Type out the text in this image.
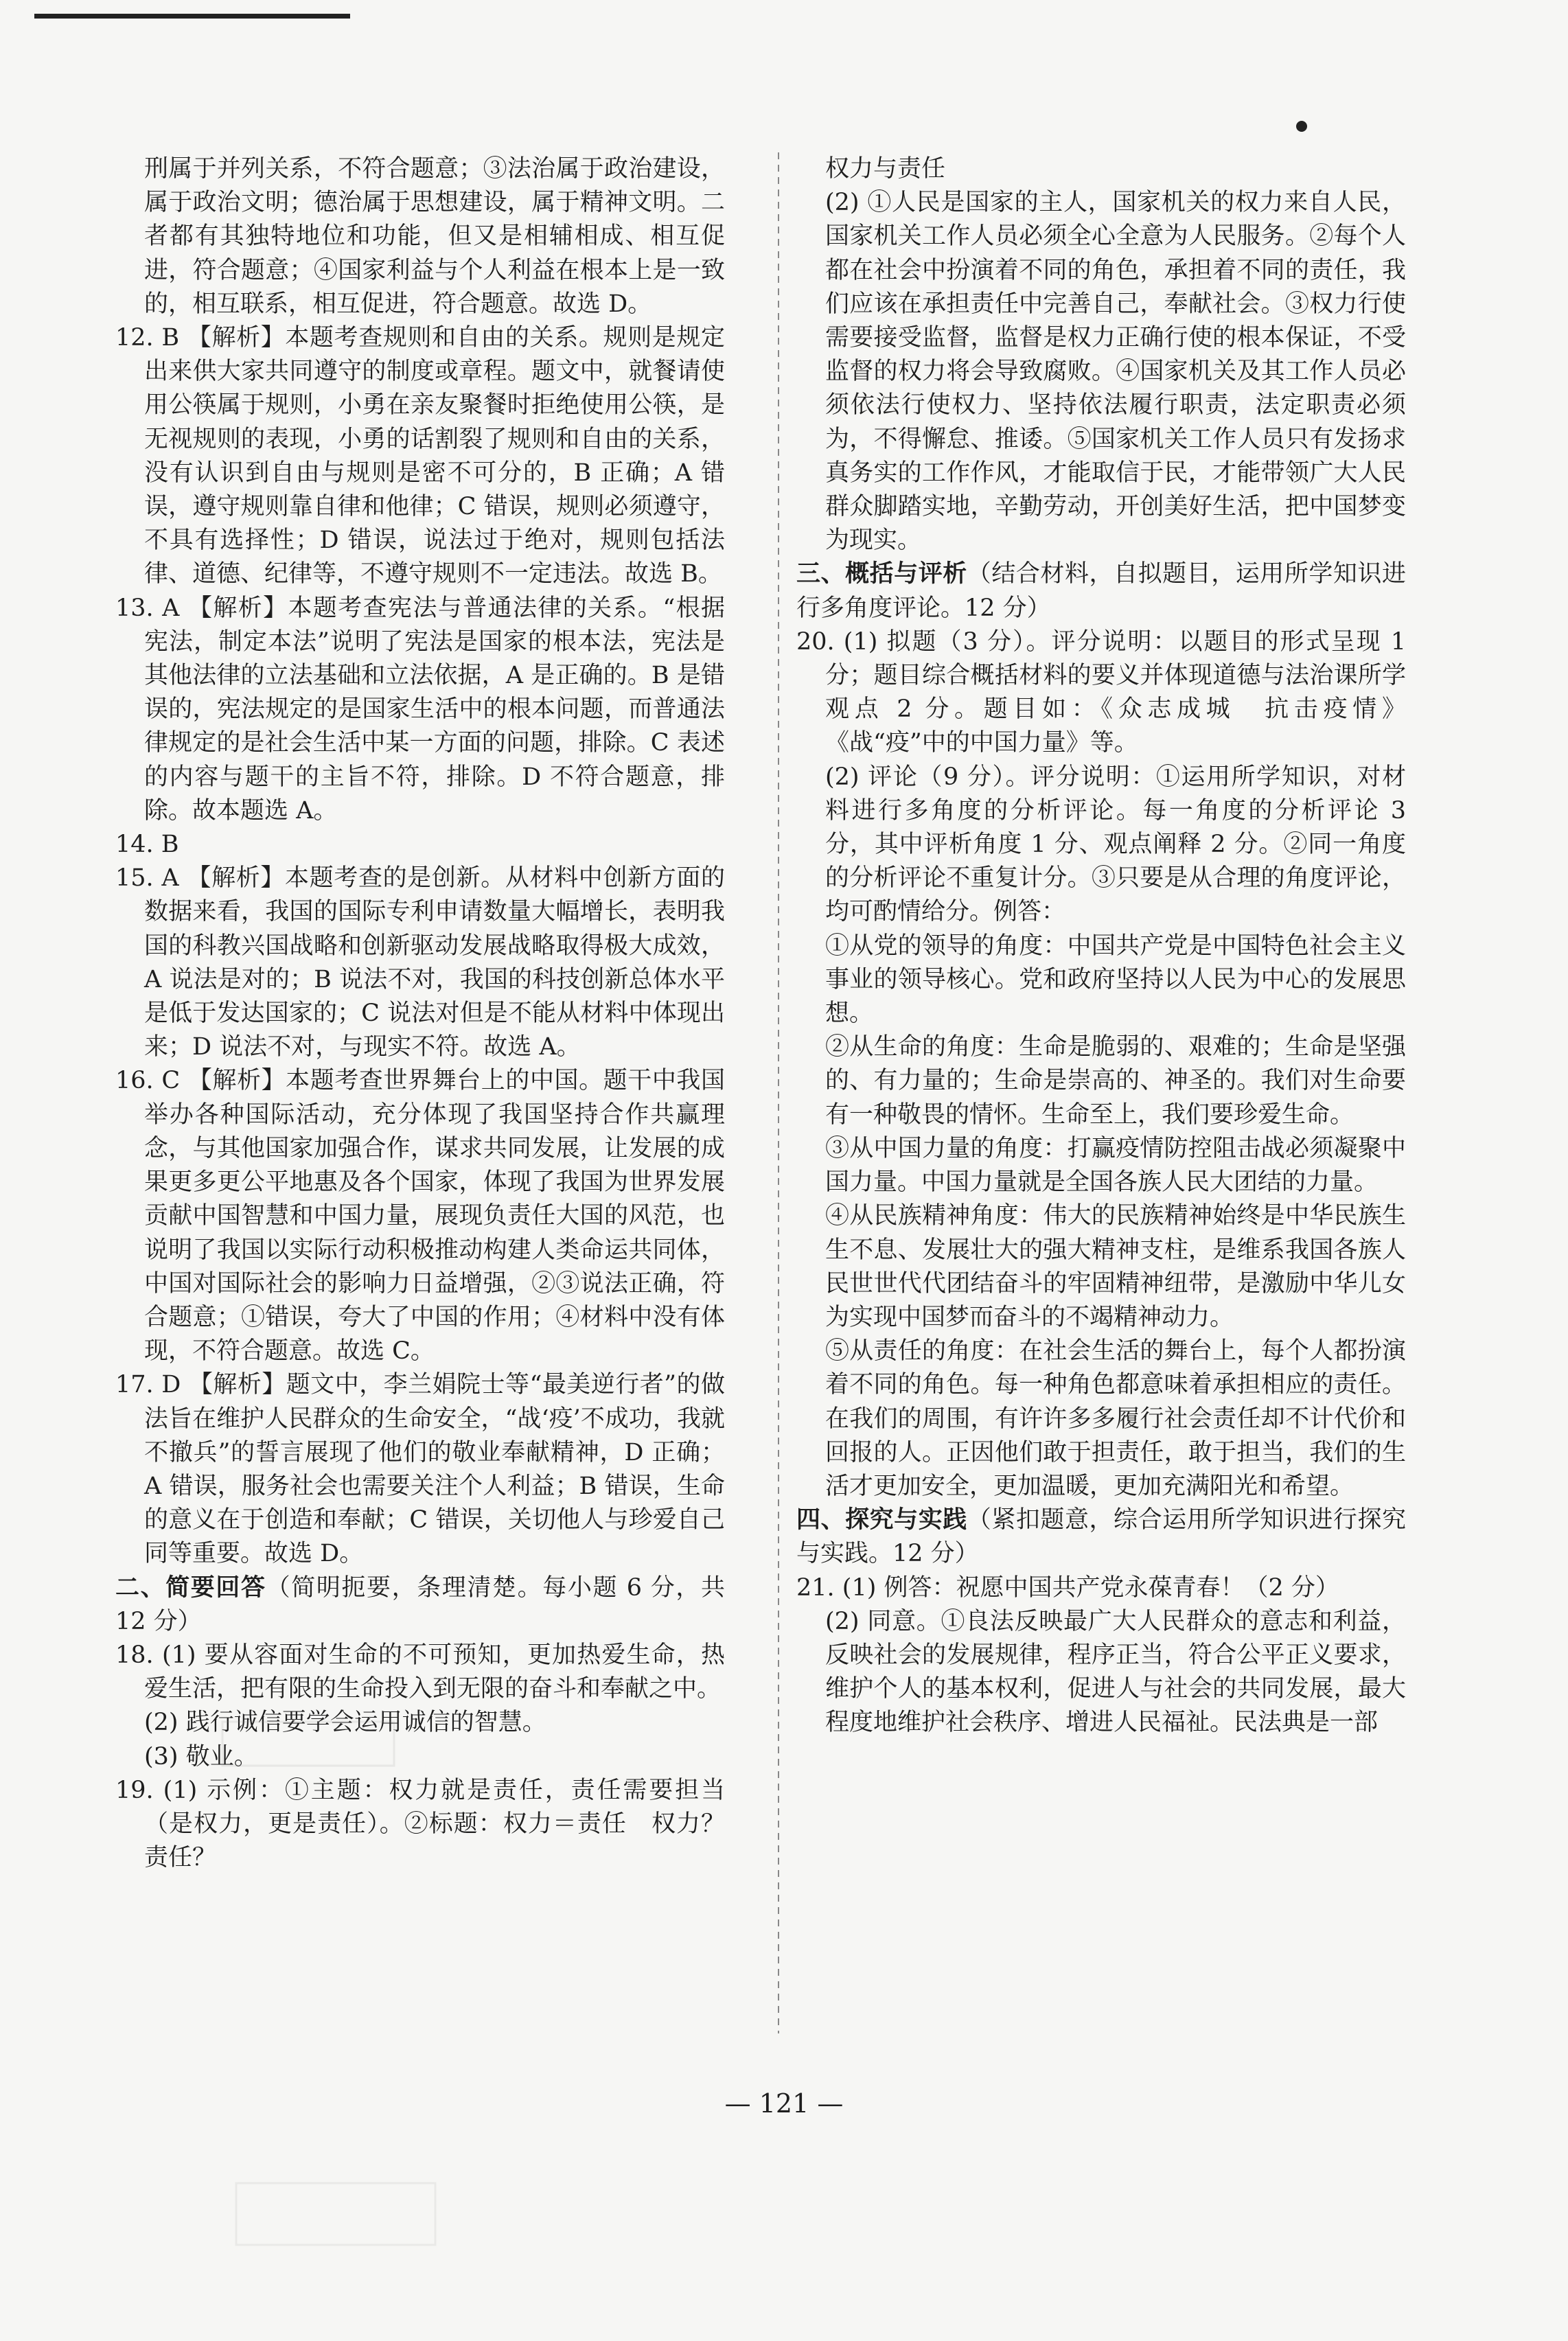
刑属于并列关系，不符合题意；③法治属于政治建设，属于政治文明；德治属于思想建设，属于精神文明。二者都有其独特地位和功能，但又是相辅相成、相互促进，符合题意；④国家利益与个人利益在根本上是一致的，相互联系，相互促进，符合题意。故选 D。

12. B 【解析】本题考查规则和自由的关系。规则是规定出来供大家共同遵守的制度或章程。题文中，就餐请使用公筷属于规则，小勇在亲友聚餐时拒绝使用公筷，是无视规则的表现，小勇的话割裂了规则和自由的关系，没有认识到自由与规则是密不可分的，B 正确；A 错误，遵守规则靠自律和他律；C 错误，规则必须遵守，不具有选择性；D 错误，说法过于绝对，规则包括法律、道德、纪律等，不遵守规则不一定违法。故选 B。

13. A 【解析】本题考查宪法与普通法律的关系。“根据宪法，制定本法”说明了宪法是国家的根本法，宪法是其他法律的立法基础和立法依据，A 是正确的。B 是错误的，宪法规定的是国家生活中的根本问题，而普通法律规定的是社会生活中某一方面的问题，排除。C 表述的内容与题干的主旨不符，排除。D 不符合题意，排除。故本题选 A。

14. B

15. A 【解析】本题考查的是创新。从材料中创新方面的数据来看，我国的国际专利申请数量大幅增长，表明我国的科教兴国战略和创新驱动发展战略取得极大成效，A 说法是对的；B 说法不对，我国的科技创新总体水平是低于发达国家的；C 说法对但是不能从材料中体现出来；D 说法不对，与现实不符。故选 A。

16. C 【解析】本题考查世界舞台上的中国。题干中我国举办各种国际活动，充分体现了我国坚持合作共赢理念，与其他国家加强合作，谋求共同发展，让发展的成果更多更公平地惠及各个国家，体现了我国为世界发展贡献中国智慧和中国力量，展现负责任大国的风范，也说明了我国以实际行动积极推动构建人类命运共同体，中国对国际社会的影响力日益增强，②③说法正确，符合题意；①错误，夸大了中国的作用；④材料中没有体现，不符合题意。故选 C。

17. D 【解析】题文中，李兰娟院士等“最美逆行者”的做法旨在维护人民群众的生命安全，“战‘疫’不成功，我就不撤兵”的誓言展现了他们的敬业奉献精神，D 正确；A 错误，服务社会也需要关注个人利益；B 错误，生命的意义在于创造和奉献；C 错误，关切他人与珍爱自己同等重要。故选 D。

二、简要回答（简明扼要，条理清楚。每小题 6 分，共 12 分）

18. (1) 要从容面对生命的不可预知，更加热爱生命，热爱生活，把有限的生命投入到无限的奋斗和奉献之中。

(2) 践行诚信要学会运用诚信的智慧。

(3) 敬业。

19. (1) 示例：①主题：权力就是责任，责任需要担当（是权力，更是责任）。②标题：权力＝责任　权力？责任？

权力与责任

(2) ①人民是国家的主人，国家机关的权力来自人民，国家机关工作人员必须全心全意为人民服务。②每个人都在社会中扮演着不同的角色，承担着不同的责任，我们应该在承担责任中完善自己，奉献社会。③权力行使需要接受监督，监督是权力正确行使的根本保证，不受监督的权力将会导致腐败。④国家机关及其工作人员必须依法行使权力、坚持依法履行职责，法定职责必须为，不得懈怠、推诿。⑤国家机关工作人员只有发扬求真务实的工作作风，才能取信于民，才能带领广大人民群众脚踏实地，辛勤劳动，开创美好生活，把中国梦变为现实。

三、概括与评析（结合材料，自拟题目，运用所学知识进行多角度评论。12 分）

20. (1) 拟题（3 分）。评分说明：以题目的形式呈现 1 分；题目综合概括材料的要义并体现道德与法治课所学观点 2 分。题目如：《众志成城　抗击疫情》《战“疫”中的中国力量》等。

(2) 评论（9 分）。评分说明：①运用所学知识，对材料进行多角度的分析评论。每一角度的分析评论 3 分，其中评析角度 1 分、观点阐释 2 分。②同一角度的分析评论不重复计分。③只要是从合理的角度评论，均可酌情给分。例答：

①从党的领导的角度：中国共产党是中国特色社会主义事业的领导核心。党和政府坚持以人民为中心的发展思想。

②从生命的角度：生命是脆弱的、艰难的；生命是坚强的、有力量的；生命是崇高的、神圣的。我们对生命要有一种敬畏的情怀。生命至上，我们要珍爱生命。

③从中国力量的角度：打赢疫情防控阻击战必须凝聚中国力量。中国力量就是全国各族人民大团结的力量。

④从民族精神角度：伟大的民族精神始终是中华民族生生不息、发展壮大的强大精神支柱，是维系我国各族人民世世代代团结奋斗的牢固精神纽带，是激励中华儿女为实现中国梦而奋斗的不竭精神动力。

⑤从责任的角度：在社会生活的舞台上，每个人都扮演着不同的角色。每一种角色都意味着承担相应的责任。在我们的周围，有许许多多履行社会责任却不计代价和回报的人。正因他们敢于担责任，敢于担当，我们的生活才更加安全，更加温暖，更加充满阳光和希望。

四、探究与实践（紧扣题意，综合运用所学知识进行探究与实践。12 分）

21. (1) 例答：祝愿中国共产党永葆青春！（2 分）

(2) 同意。①良法反映最广大人民群众的意志和利益，反映社会的发展规律，程序正当，符合公平正义要求，维护个人的基本权利，促进人与社会的共同发展，最大程度地维护社会秩序、增进人民福祉。民法典是一部

— 121 —
